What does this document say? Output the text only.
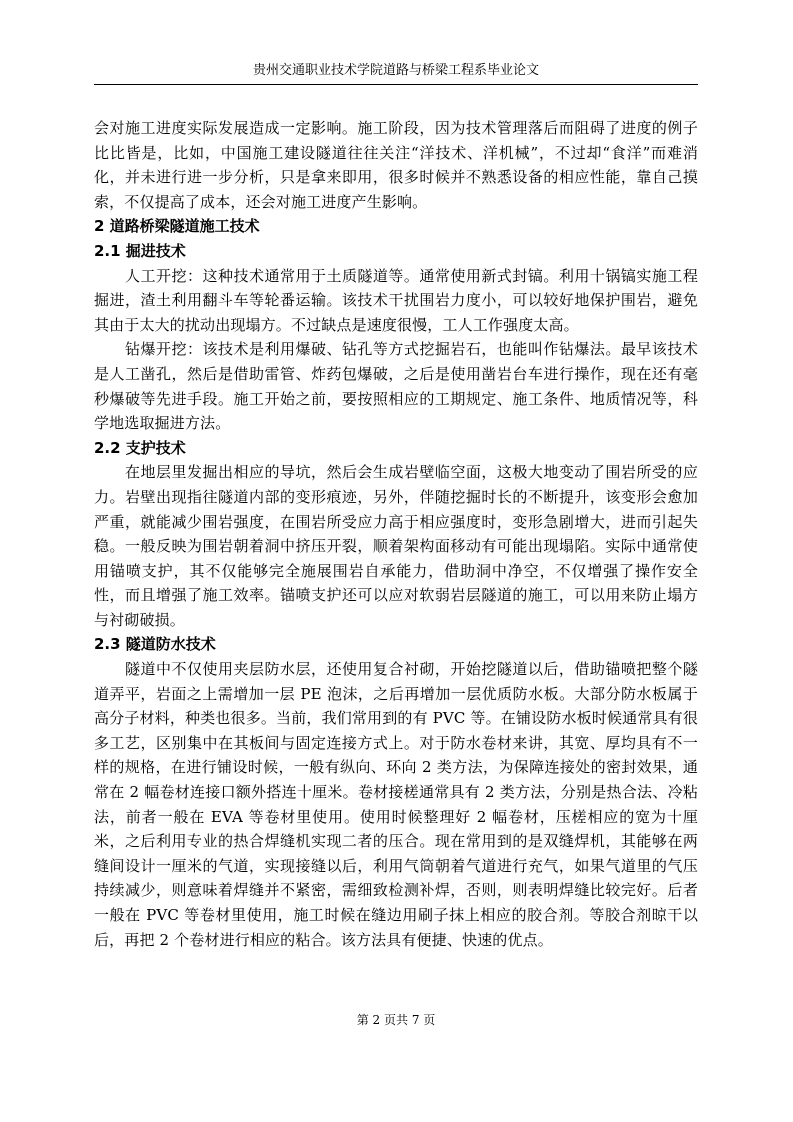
贵州交通职业技术学院道路与桥梁工程系毕业论文

会对施工进度实际发展造成一定影响。施工阶段，因为技术管理落后而阻碍了进度的例子比比皆是，比如，中国施工建设隧道往往关注“洋技术、洋机械”，不过却“食洋”而难消化，并未进行进一步分析，只是拿来即用，很多时候并不熟悉设备的相应性能，靠自己摸索，不仅提高了成本，还会对施工进度产生影响。

2 道路桥梁隧道施工技术

2.1 掘进技术

人工开挖：这种技术通常用于土质隧道等。通常使用新式封镐。利用十锅镐实施工程掘进，渣土利用翻斗车等轮番运输。该技术干扰围岩力度小，可以较好地保护围岩，避免其由于太大的扰动出现塌方。不过缺点是速度很慢，工人工作强度太高。

钻爆开挖：该技术是利用爆破、钻孔等方式挖掘岩石，也能叫作钻爆法。最早该技术是人工凿孔，然后是借助雷管、炸药包爆破，之后是使用凿岩台车进行操作，现在还有毫秒爆破等先进手段。施工开始之前，要按照相应的工期规定、施工条件、地质情况等，科学地选取掘进方法。

2.2 支护技术

在地层里发掘出相应的导坑，然后会生成岩壁临空面，这极大地变动了围岩所受的应力。岩壁出现指往隧道内部的变形痕迹，另外，伴随挖掘时长的不断提升，该变形会愈加严重，就能减少围岩强度，在围岩所受应力高于相应强度时，变形急剧增大，进而引起失稳。一般反映为围岩朝着洞中挤压开裂，顺着架构面移动有可能出现塌陷。实际中通常使用锚喷支护，其不仅能够完全施展围岩自承能力，借助洞中净空，不仅增强了操作安全性，而且增强了施工效率。锚喷支护还可以应对软弱岩层隧道的施工，可以用来防止塌方与衬砌破损。

2.3 隧道防水技术

隧道中不仅使用夹层防水层，还使用复合衬砌，开始挖隧道以后，借助锚喷把整个隧道弄平，岩面之上需增加一层 PE 泡沫，之后再增加一层优质防水板。大部分防水板属于高分子材料，种类也很多。当前，我们常用到的有 PVC 等。在铺设防水板时候通常具有很多工艺，区别集中在其板间与固定连接方式上。对于防水卷材来讲，其宽、厚均具有不一样的规格，在进行铺设时候，一般有纵向、环向 2 类方法，为保障连接处的密封效果，通常在 2 幅卷材连接口额外搭连十厘米。卷材接槎通常具有 2 类方法，分别是热合法、冷粘法，前者一般在 EVA 等卷材里使用。使用时候整理好 2 幅卷材，压槎相应的宽为十厘米，之后利用专业的热合焊缝机实现二者的压合。现在常用到的是双缝焊机，其能够在两缝间设计一厘米的气道，实现接缝以后，利用气筒朝着气道进行充气，如果气道里的气压持续减少，则意味着焊缝并不紧密，需细致检测补焊，否则，则表明焊缝比较完好。后者一般在 PVC 等卷材里使用，施工时候在缝边用刷子抹上相应的胶合剂。等胶合剂晾干以后，再把 2 个卷材进行相应的粘合。该方法具有便捷、快速的优点。

第 2 页共 7 页
